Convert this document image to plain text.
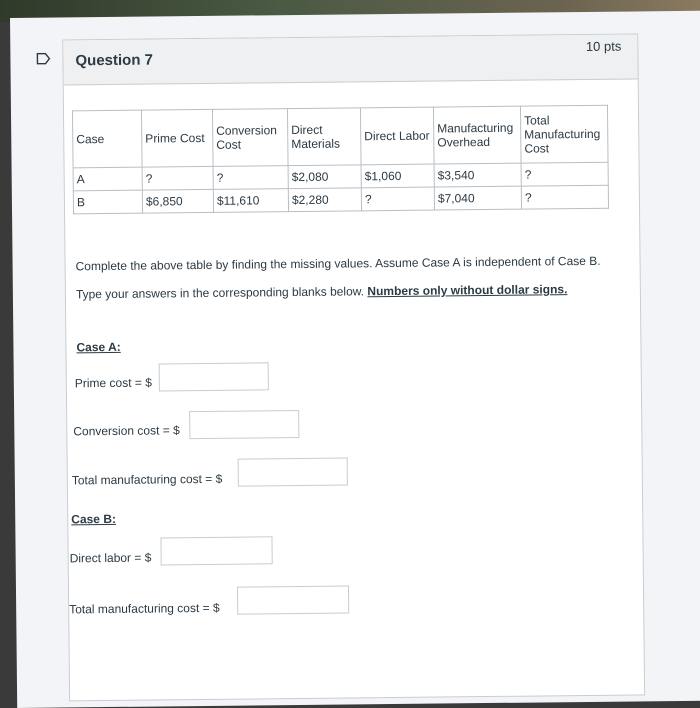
Question 7
10 pts
Case	Prime Cost	Conversion Cost	Direct Materials	Direct Labor	Manufacturing Overhead	Total Manufacturing Cost
A	?	?	$2,080	$1,060	$3,540	?
B	$6,850	$11,610	$2,280	?	$7,040	?
Complete the above table by finding the missing values. Assume Case A is independent of Case B.
Type your answers in the corresponding blanks below. Numbers only without dollar signs.
Case A:
Prime cost = $
Conversion cost = $
Total manufacturing cost = $
Case B:
Direct labor = $
Total manufacturing cost = $
